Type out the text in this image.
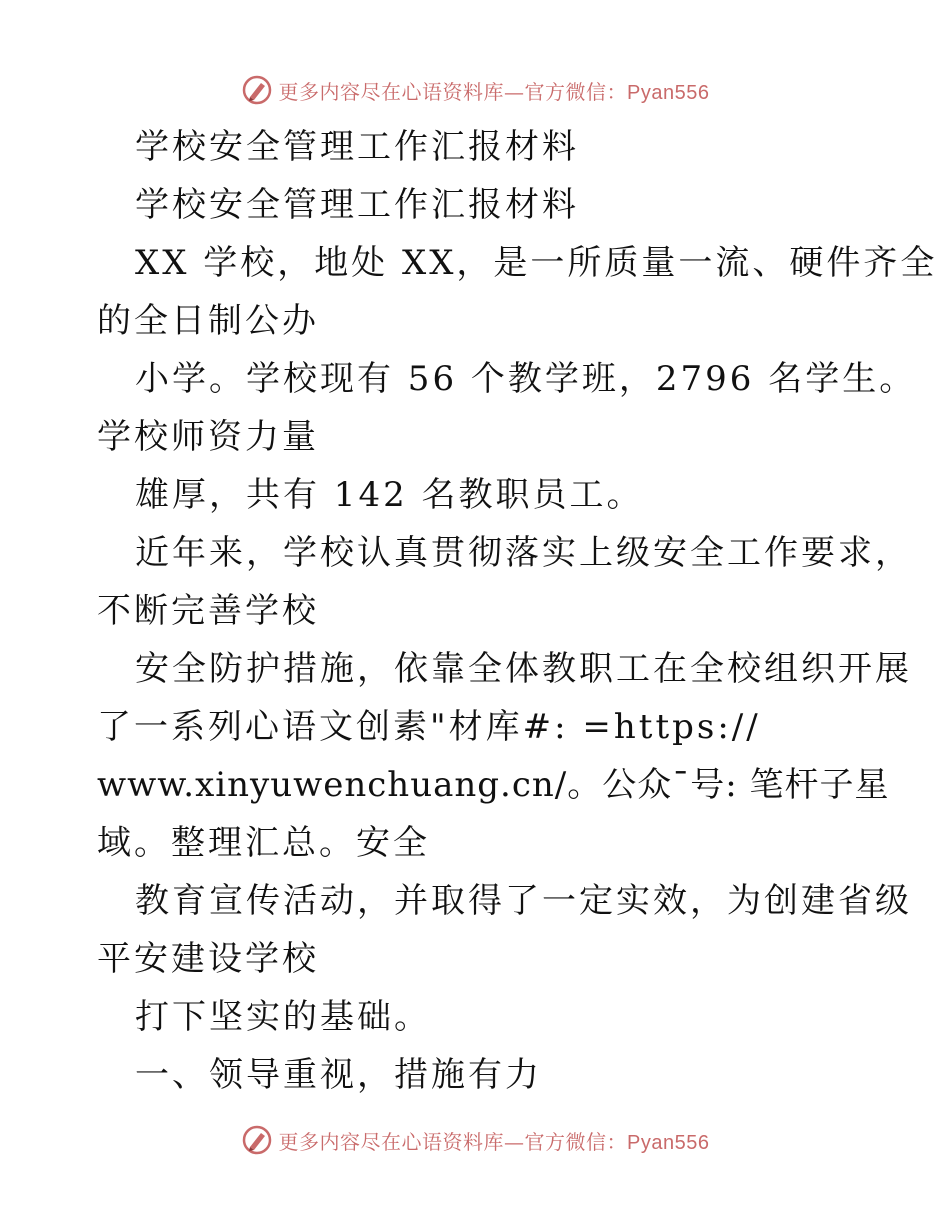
更多内容尽在心语资料库—官方微信：Pyan556
学校安全管理工作汇报材料
学校安全管理工作汇报材料
XX 学校，地处 XX，是一所质量一流、硬件齐全
的全日制公办
小学。学校现有 56 个教学班，2796 名学生。
学校师资力量
雄厚，共有 142 名教职员工。
近年来，学校认真贯彻落实上级安全工作要求，
不断完善学校
安全防护措施，依靠全体教职工在全校组织开展
了一系列心语文创素"材库#: =https://
www.xinyuwenchuang.cn/。公众¯号: 笔杆子星
域。整理汇总。安全
教育宣传活动，并取得了一定实效，为创建省级
平安建设学校
打下坚实的基础。
一、领导重视，措施有力
更多内容尽在心语资料库—官方微信：Pyan556
